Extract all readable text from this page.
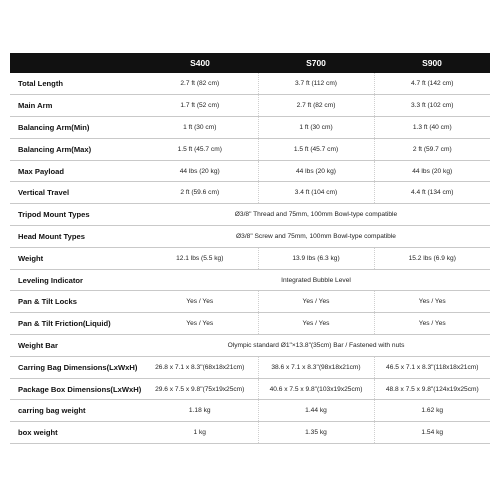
	S400	S700	S900
Total Length	2.7 ft (82 cm)	3.7 ft (112 cm)	4.7 ft (142 cm)
Main Arm	1.7 ft (52 cm)	2.7 ft (82 cm)	3.3 ft (102 cm)
Balancing Arm(Min)	1 ft (30 cm)	1 ft (30 cm)	1.3 ft (40 cm)
Balancing Arm(Max)	1.5 ft (45.7 cm)	1.5 ft (45.7 cm)	2 ft (59.7 cm)
Max Payload	44 lbs (20 kg)	44 lbs (20 kg)	44 lbs (20 kg)
Vertical Travel	2 ft (59.6 cm)	3.4 ft (104 cm)	4.4 ft (134 cm)
Tripod Mount Types	Ø3/8" Thread and 75mm, 100mm Bowl-type compatible		
Head Mount Types	Ø3/8" Screw and 75mm, 100mm Bowl-type compatible		
Weight	12.1 lbs (5.5 kg)	13.9 lbs (6.3 kg)	15.2 lbs (6.9 kg)
Leveling Indicator	Integrated Bubble Level		
Pan & Tilt Locks	Yes / Yes	Yes / Yes	Yes / Yes
Pan & Tilt Friction(Liquid)	Yes / Yes	Yes / Yes	Yes / Yes
Weight Bar	Olympic standard Ø1"×13.8"(35cm) Bar / Fastened with nuts		
Carring Bag Dimensions(LxWxH)	26.8 x 7.1 x 8.3"(68x18x21cm)	38.6 x 7.1 x 8.3"(98x18x21cm)	46.5 x 7.1 x 8.3"(118x18x21cm)
Package Box Dimensions(LxWxH)	29.6 x 7.5 x 9.8"(75x19x25cm)	40.6 x 7.5 x 9.8"(103x19x25cm)	48.8 x 7.5 x 9.8"(124x19x25cm)
carring bag weight	1.18 kg	1.44 kg	1.62 kg
box weight	1 kg	1.35 kg	1.54 kg
